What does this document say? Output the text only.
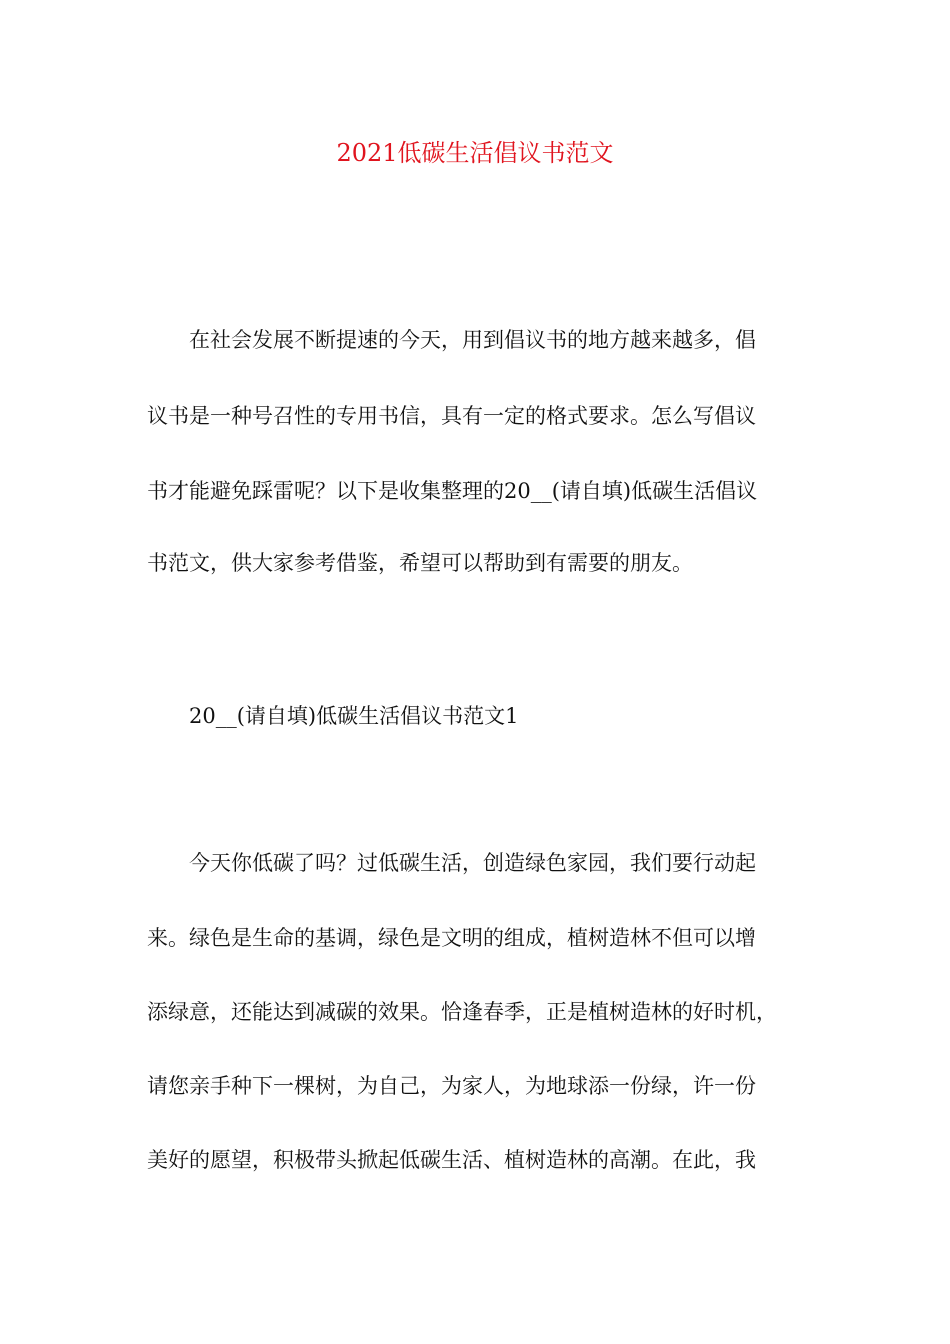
2021低碳生活倡议书范文
在社会发展不断提速的今天，用到倡议书的地方越来越多，倡
议书是一种号召性的专用书信，具有一定的格式要求。怎么写倡议
书才能避免踩雷呢？以下是收集整理的20__(请自填)低碳生活倡议
书范文，供大家参考借鉴，希望可以帮助到有需要的朋友。
20__(请自填)低碳生活倡议书范文1
今天你低碳了吗？过低碳生活，创造绿色家园，我们要行动起
来。绿色是生命的基调，绿色是文明的组成，植树造林不但可以增
添绿意，还能达到减碳的效果。恰逢春季，正是植树造林的好时机，
请您亲手种下一棵树，为自己，为家人，为地球添一份绿，许一份
美好的愿望，积极带头掀起低碳生活、植树造林的高潮。在此，我
